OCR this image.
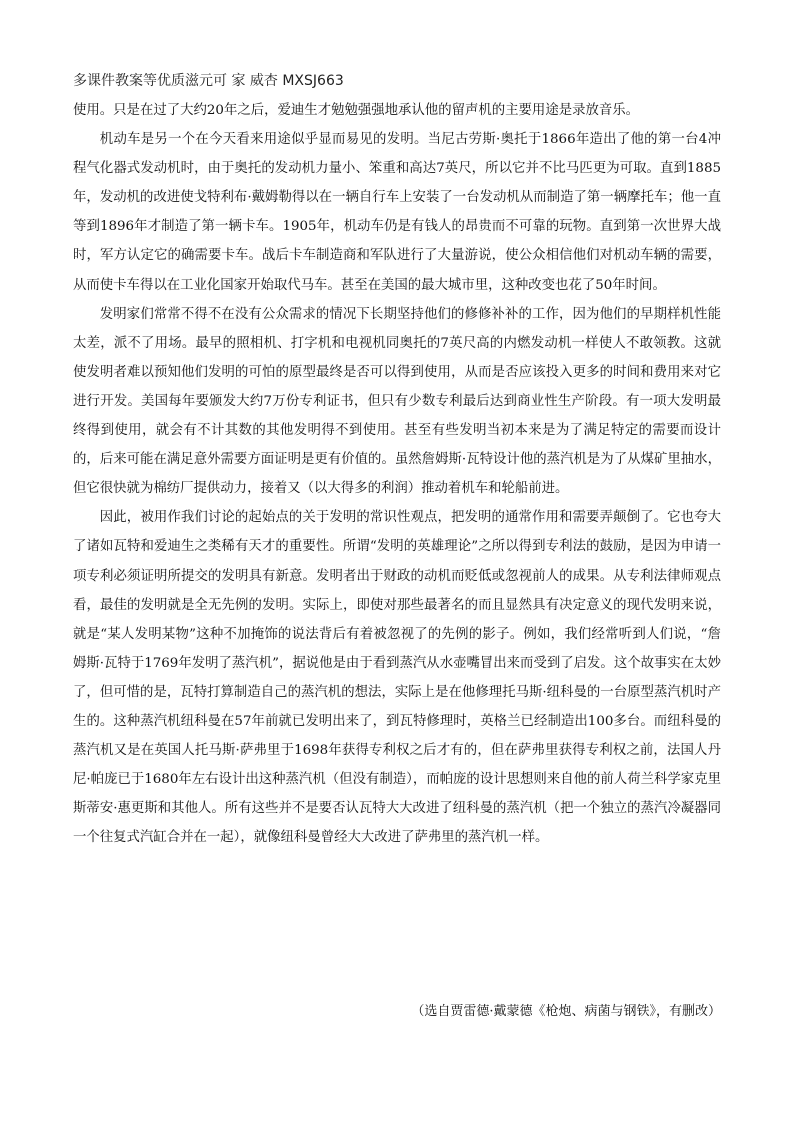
多课件教案等优质滋元可 家 威杏 MXSJ663

使用。只是在过了大约20年之后，爱迪生才勉勉强强地承认他的留声机的主要用途是录放音乐。

机动车是另一个在今天看来用途似乎显而易见的发明。当尼古劳斯·奥托于1866年造出了他的第一台4冲程气化器式发动机时，由于奥托的发动机力量小、笨重和高达7英尺，所以它并不比马匹更为可取。直到1885年，发动机的改进使戈特利布·戴姆勒得以在一辆自行车上安装了一台发动机从而制造了第一辆摩托车；他一直等到1896年才制造了第一辆卡车。1905年，机动车仍是有钱人的昂贵而不可靠的玩物。直到第一次世界大战时，军方认定它的确需要卡车。战后卡车制造商和军队进行了大量游说，使公众相信他们对机动车辆的需要，从而使卡车得以在工业化国家开始取代马车。甚至在美国的最大城市里，这种改变也花了50年时间。

发明家们常常不得不在没有公众需求的情况下长期坚持他们的修修补补的工作，因为他们的早期样机性能太差，派不了用场。最早的照相机、打字机和电视机同奥托的7英尺高的内燃发动机一样使人不敢领教。这就使发明者难以预知他们发明的可怕的原型最终是否可以得到使用，从而是否应该投入更多的时间和费用来对它进行开发。美国每年要颁发大约7万份专利证书，但只有少数专利最后达到商业性生产阶段。有一项大发明最终得到使用，就会有不计其数的其他发明得不到使用。甚至有些发明当初本来是为了满足特定的需要而设计的，后来可能在满足意外需要方面证明是更有价值的。虽然詹姆斯·瓦特设计他的蒸汽机是为了从煤矿里抽水，但它很快就为棉纺厂提供动力，接着又（以大得多的利润）推动着机车和轮船前进。

因此，被用作我们讨论的起始点的关于发明的常识性观点，把发明的通常作用和需要弄颠倒了。它也夸大了诸如瓦特和爱迪生之类稀有天才的重要性。所谓“发明的英雄理论”之所以得到专利法的鼓励，是因为申请一项专利必须证明所提交的发明具有新意。发明者出于财政的动机而贬低或忽视前人的成果。从专利法律师观点看，最佳的发明就是全无先例的发明。实际上，即使对那些最著名的而且显然具有决定意义的现代发明来说，就是“某人发明某物”这种不加掩饰的说法背后有着被忽视了的先例的影子。例如，我们经常听到人们说，“詹姆斯·瓦特于1769年发明了蒸汽机”，据说他是由于看到蒸汽从水壶嘴冒出来而受到了启发。这个故事实在太妙了，但可惜的是，瓦特打算制造自己的蒸汽机的想法，实际上是在他修理托马斯·纽科曼的一台原型蒸汽机时产生的。这种蒸汽机纽科曼在57年前就已发明出来了，到瓦特修理时，英格兰已经制造出100多台。而纽科曼的蒸汽机又是在英国人托马斯·萨弗里于1698年获得专利权之后才有的，但在萨弗里获得专利权之前，法国人丹尼·帕庞已于1680年左右设计出这种蒸汽机（但没有制造），而帕庞的设计思想则来自他的前人荷兰科学家克里斯蒂安·惠更斯和其他人。所有这些并不是要否认瓦特大大改进了纽科曼的蒸汽机（把一个独立的蒸汽冷凝器同一个往复式汽缸合并在一起），就像纽科曼曾经大大改进了萨弗里的蒸汽机一样。

（选自贾雷德·戴蒙德《枪炮、病菌与钢铁》，有删改）
